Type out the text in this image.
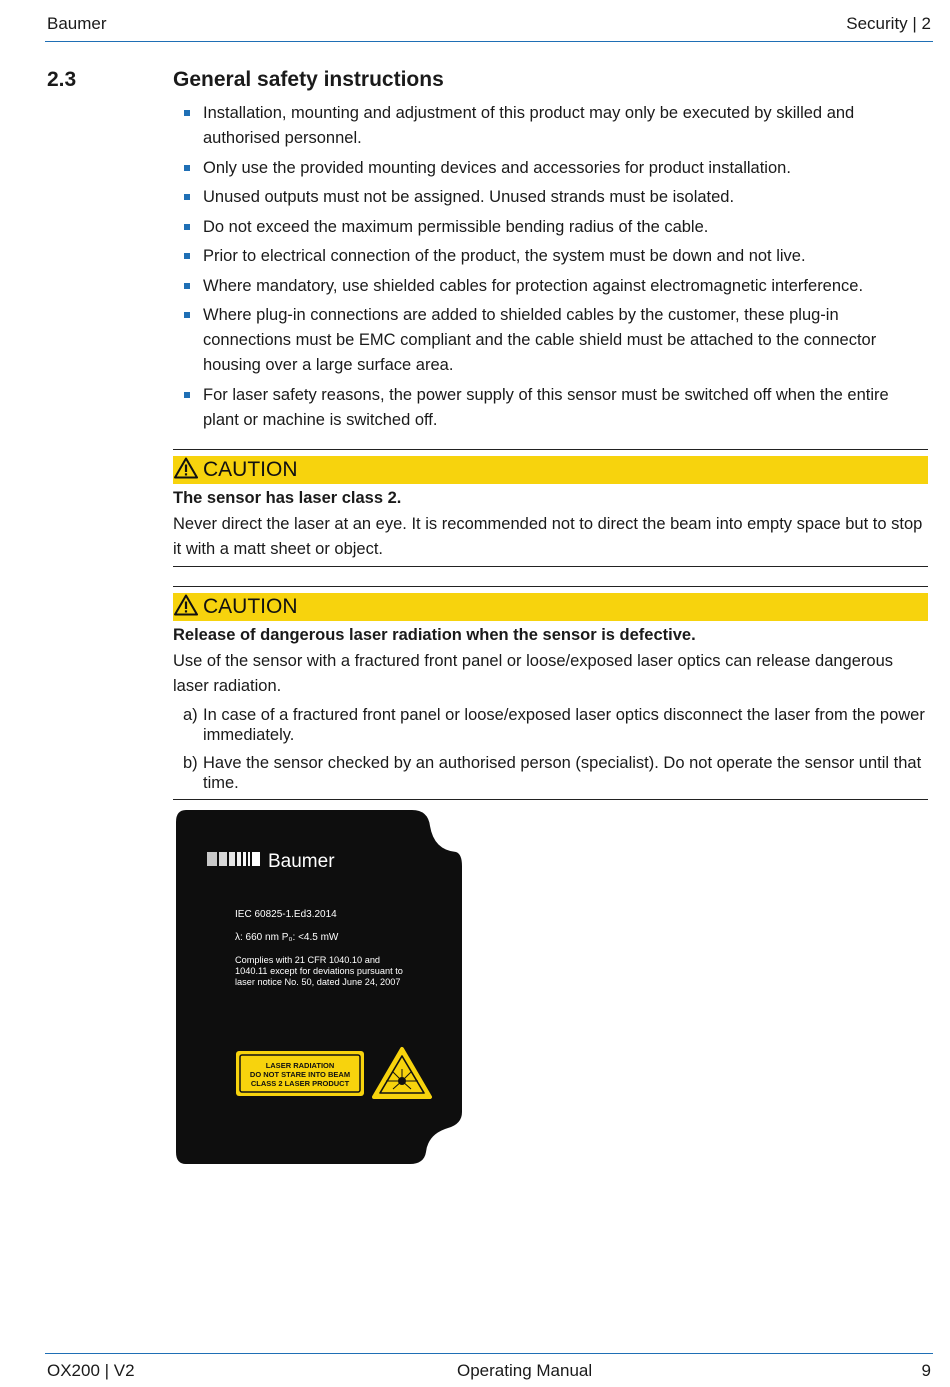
Baumer	Security | 2
2.3	General safety instructions
Installation, mounting and adjustment of this product may only be executed by skilled and authorised personnel.
Only use the provided mounting devices and accessories for product installation.
Unused outputs must not be assigned. Unused strands must be isolated.
Do not exceed the maximum permissible bending radius of the cable.
Prior to electrical connection of the product, the system must be down and not live.
Where mandatory, use shielded cables for protection against electromagnetic interference.
Where plug-in connections are added to shielded cables by the customer, these plug-in connections must be EMC compliant and the cable shield must be attached to the connector housing over a large surface area.
For laser safety reasons, the power supply of this sensor must be switched off when the entire plant or machine is switched off.
CAUTION
The sensor has laser class 2.
Never direct the laser at an eye. It is recommended not to direct the beam into empty space but to stop it with a matt sheet or object.
CAUTION
Release of dangerous laser radiation when the sensor is defective.
Use of the sensor with a fractured front panel or loose/exposed laser optics can release dangerous laser radiation.
a) In case of a fractured front panel or loose/exposed laser optics disconnect the laser from the power immediately.
b) Have the sensor checked by an authorised person (specialist). Do not operate the sensor until that time.
Baumer
IEC 60825-1.Ed3.2014
λ: 660 nm P₀: <4.5 mW
Complies with 21 CFR 1040.10 and
1040.11 except for deviations pursuant to
laser notice No. 50, dated June 24, 2007
LASER RADIATION
DO NOT STARE INTO BEAM
CLASS 2 LASER PRODUCT
OX200 | V2	Operating Manual	9
